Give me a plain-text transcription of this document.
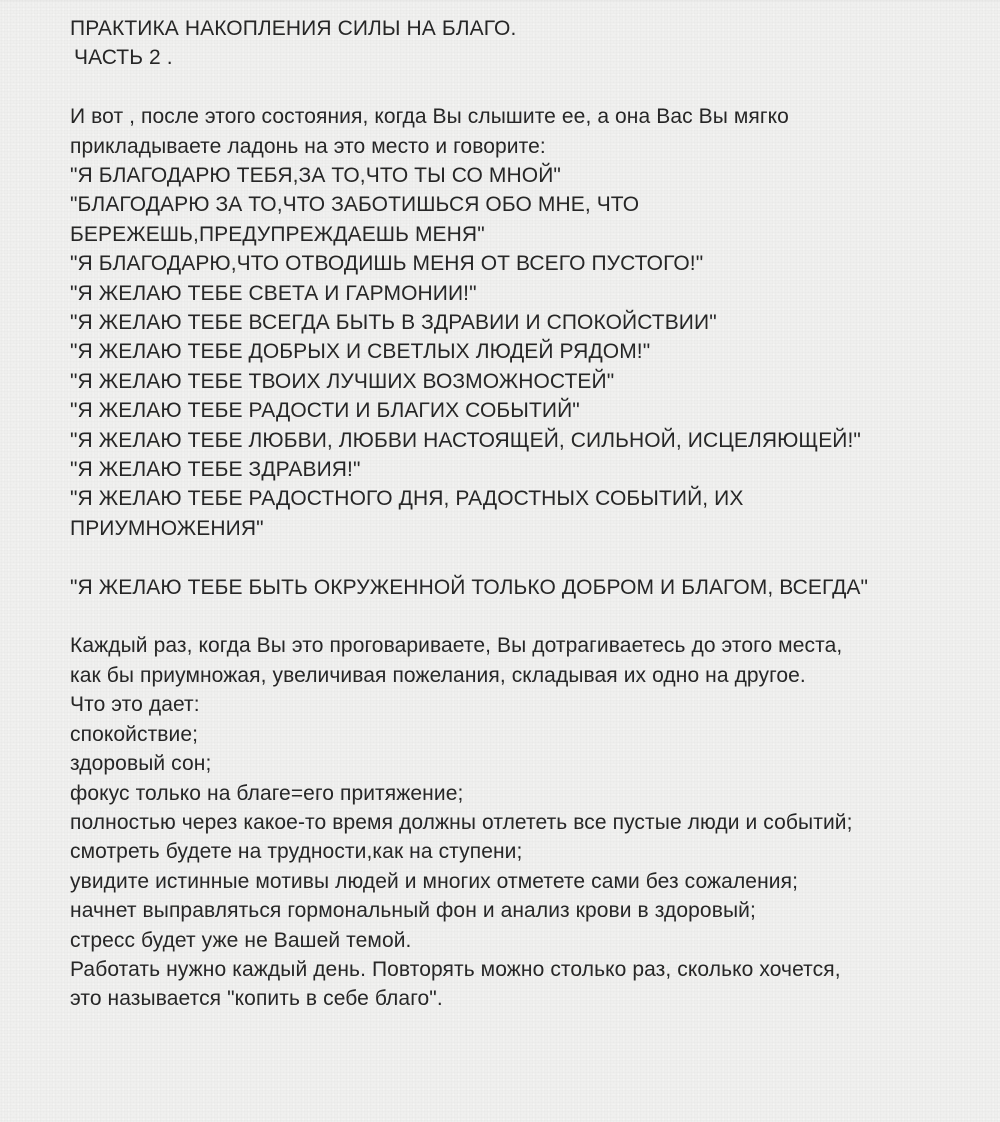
ПРАКТИКА НАКОПЛЕНИЯ СИЛЫ НА БЛАГО.
ЧАСТЬ 2 .
И вот , после этого состояния, когда Вы слышите ее, а она Вас Вы мягко
прикладываете ладонь на это место и говорите:
"Я БЛАГОДАРЮ ТЕБЯ,ЗА ТО,ЧТО ТЫ СО МНОЙ"
"БЛАГОДАРЮ ЗА ТО,ЧТО ЗАБОТИШЬСЯ ОБО МНЕ, ЧТО
БЕРЕЖЕШЬ,ПРЕДУПРЕЖДАЕШЬ МЕНЯ"
"Я БЛАГОДАРЮ,ЧТО ОТВОДИШЬ МЕНЯ ОТ ВСЕГО ПУСТОГО!"
"Я ЖЕЛАЮ ТЕБЕ СВЕТА И ГАРМОНИИ!"
"Я ЖЕЛАЮ ТЕБЕ ВСЕГДА БЫТЬ В ЗДРАВИИ И СПОКОЙСТВИИ"
"Я ЖЕЛАЮ ТЕБЕ ДОБРЫХ И СВЕТЛЫХ ЛЮДЕЙ РЯДОМ!"
"Я ЖЕЛАЮ ТЕБЕ ТВОИХ ЛУЧШИХ ВОЗМОЖНОСТЕЙ"
"Я ЖЕЛАЮ ТЕБЕ РАДОСТИ И БЛАГИХ СОБЫТИЙ"
"Я ЖЕЛАЮ ТЕБЕ ЛЮБВИ, ЛЮБВИ НАСТОЯЩЕЙ, СИЛЬНОЙ, ИСЦЕЛЯЮЩЕЙ!"
"Я ЖЕЛАЮ ТЕБЕ ЗДРАВИЯ!"
"Я ЖЕЛАЮ ТЕБЕ РАДОСТНОГО ДНЯ, РАДОСТНЫХ СОБЫТИЙ, ИХ
ПРИУМНОЖЕНИЯ"
"Я ЖЕЛАЮ ТЕБЕ БЫТЬ ОКРУЖЕННОЙ ТОЛЬКО ДОБРОМ И БЛАГОМ, ВСЕГДА"
Каждый раз, когда Вы это проговариваете, Вы дотрагиваетесь до этого места,
как бы приумножая, увеличивая пожелания, складывая их одно на другое.
Что это дает:
спокойствие;
здоровый сон;
фокус только на благе=его притяжение;
полностью через какое-то время должны отлететь все пустые люди и событий;
смотреть будете на трудности,как на ступени;
увидите истинные мотивы людей и многих отметете сами без сожаления;
начнет выправляться гормональный фон и анализ крови в здоровый;
стресс будет уже не Вашей темой.
Работать нужно каждый день. Повторять можно столько раз, сколько хочется,
это называется "копить в себе благо".
